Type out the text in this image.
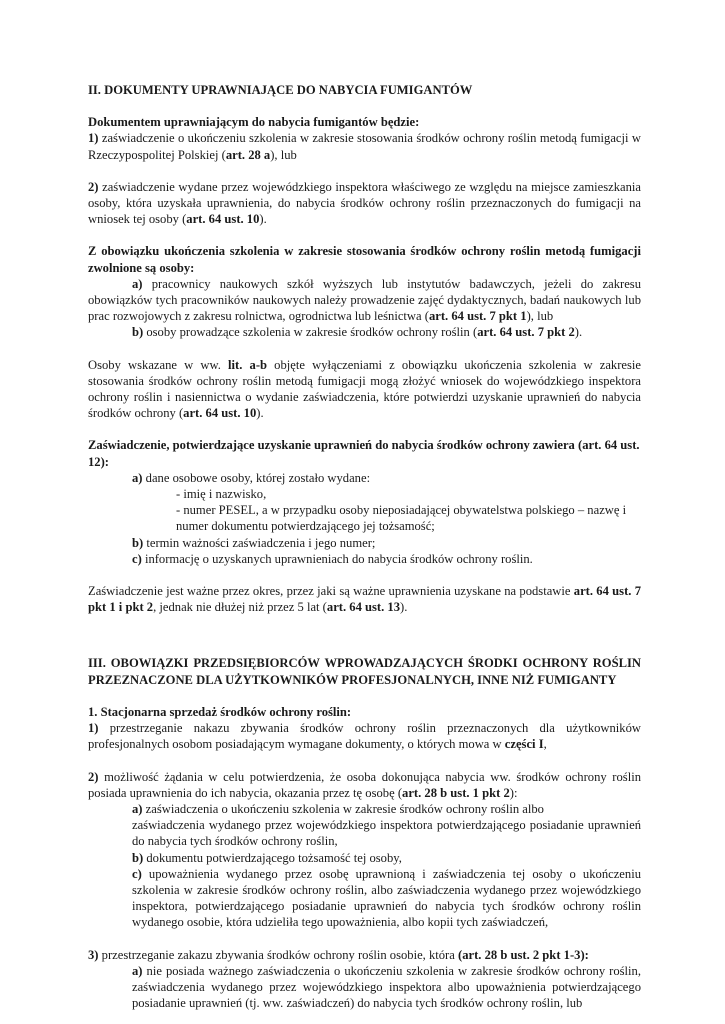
II. DOKUMENTY UPRAWNIAJĄCE DO NABYCIA FUMIGANTÓW

Dokumentem uprawniającym do nabycia fumigantów będzie:

1) zaświadczenie o ukończeniu szkolenia w zakresie stosowania środków ochrony roślin metodą fumigacji w Rzeczypospolitej Polskiej (art. 28 a), lub

2) zaświadczenie wydane przez wojewódzkiego inspektora właściwego ze względu na miejsce zamieszkania osoby, która uzyskała uprawnienia, do nabycia środków ochrony roślin przeznaczonych do fumigacji na wniosek tej osoby (art. 64 ust. 10).

Z obowiązku ukończenia szkolenia w zakresie stosowania środków ochrony roślin metodą fumigacji zwolnione są osoby:

a) pracownicy naukowych szkół wyższych lub instytutów badawczych, jeżeli do zakresu obowiązków tych pracowników naukowych należy prowadzenie zajęć dydaktycznych, badań naukowych lub prac rozwojowych z zakresu rolnictwa, ogrodnictwa lub leśnictwa (art. 64 ust. 7 pkt 1), lub

b) osoby prowadzące szkolenia w zakresie środków ochrony roślin (art. 64 ust. 7 pkt 2).

Osoby wskazane w ww. lit. a-b objęte wyłączeniami z obowiązku ukończenia szkolenia w zakresie stosowania środków ochrony roślin metodą fumigacji mogą złożyć wniosek do wojewódzkiego inspektora ochrony roślin i nasiennictwa o wydanie zaświadczenia, które potwierdzi uzyskanie uprawnień do nabycia środków ochrony (art. 64 ust. 10).

Zaświadczenie, potwierdzające uzyskanie uprawnień do nabycia środków ochrony zawiera (art. 64 ust. 12):

a) dane osobowe osoby, której zostało wydane:

- imię i nazwisko,

- numer PESEL, a w przypadku osoby nieposiadającej obywatelstwa polskiego – nazwę i numer dokumentu potwierdzającego jej tożsamość;

b) termin ważności zaświadczenia i jego numer;

c) informację o uzyskanych uprawnieniach do nabycia środków ochrony roślin.

Zaświadczenie jest ważne przez okres, przez jaki są ważne uprawnienia uzyskane na podstawie art. 64 ust. 7 pkt 1 i pkt 2, jednak nie dłużej niż przez 5 lat (art. 64 ust. 13).

III. OBOWIĄZKI PRZEDSIĘBIORCÓW WPROWADZAJĄCYCH ŚRODKI OCHRONY ROŚLIN PRZEZNACZONE DLA UŻYTKOWNIKÓW PROFESJONALNYCH, INNE NIŻ FUMIGANTY

1. Stacjonarna sprzedaż środków ochrony roślin:

1) przestrzeganie nakazu zbywania środków ochrony roślin przeznaczonych dla użytkowników profesjonalnych osobom posiadającym wymagane dokumenty, o których mowa w części I,

2) możliwość żądania w celu potwierdzenia, że osoba dokonująca nabycia ww. środków ochrony roślin posiada uprawnienia do ich nabycia, okazania przez tę osobę (art. 28 b ust. 1 pkt 2):

a) zaświadczenia o ukończeniu szkolenia w zakresie środków ochrony roślin albo

zaświadczenia wydanego przez wojewódzkiego inspektora potwierdzającego posiadanie uprawnień do nabycia tych środków ochrony roślin,

b) dokumentu potwierdzającego tożsamość tej osoby,

c) upoważnienia wydanego przez osobę uprawnioną i zaświadczenia tej osoby o ukończeniu szkolenia w zakresie środków ochrony roślin, albo zaświadczenia wydanego przez wojewódzkiego inspektora, potwierdzającego posiadanie uprawnień do nabycia tych środków ochrony roślin wydanego osobie, która udzieliła tego upoważnienia, albo kopii tych zaświadczeń,

3) przestrzeganie zakazu zbywania środków ochrony roślin osobie, która (art. 28 b ust. 2 pkt 1-3):

a) nie posiada ważnego zaświadczenia o ukończeniu szkolenia w zakresie środków ochrony roślin, zaświadczenia wydanego przez wojewódzkiego inspektora albo upoważnienia potwierdzającego posiadanie uprawnień (tj. ww. zaświadczeń) do nabycia tych środków ochrony roślin, lub
